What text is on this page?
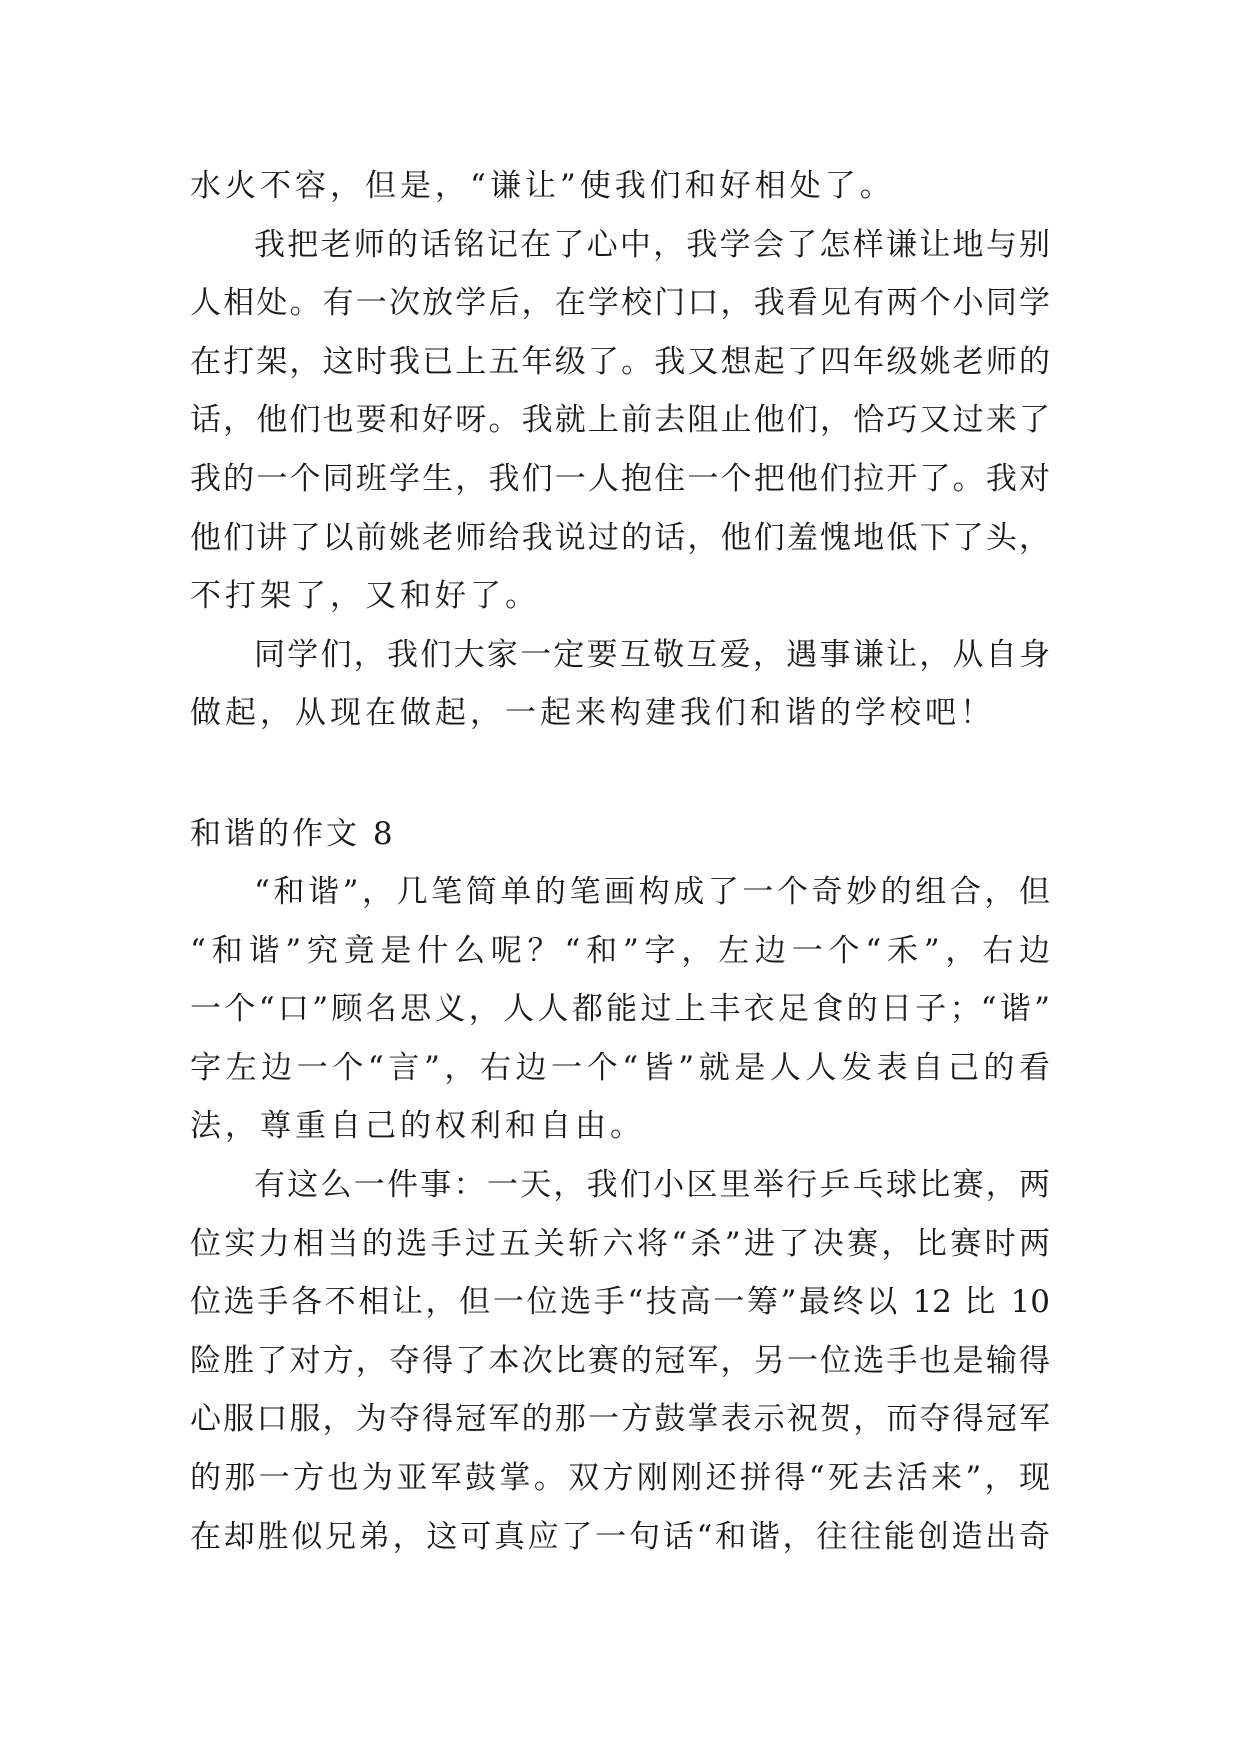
水火不容，但是，“谦让”使我们和好相处了。
我把老师的话铭记在了心中，我学会了怎样谦让地与别
人相处。有一次放学后，在学校门口，我看见有两个小同学
在打架，这时我已上五年级了。我又想起了四年级姚老师的
话，他们也要和好呀。我就上前去阻止他们，恰巧又过来了
我的一个同班学生，我们一人抱住一个把他们拉开了。我对
他们讲了以前姚老师给我说过的话，他们羞愧地低下了头，
不打架了，又和好了。
同学们，我们大家一定要互敬互爱，遇事谦让，从自身
做起，从现在做起，一起来构建我们和谐的学校吧！
和谐的作文 8
“和谐”，几笔简单的笔画构成了一个奇妙的组合，但
“和谐”究竟是什么呢？“和”字，左边一个“禾”，右边
一个“口”顾名思义，人人都能过上丰衣足食的日子；“谐”
字左边一个“言”，右边一个“皆”就是人人发表自己的看
法，尊重自己的权利和自由。
有这么一件事：一天，我们小区里举行乒乓球比赛，两
位实力相当的选手过五关斩六将“杀”进了决赛，比赛时两
位选手各不相让，但一位选手“技高一筹”最终以 12 比 10
险胜了对方，夺得了本次比赛的冠军，另一位选手也是输得
心服口服，为夺得冠军的那一方鼓掌表示祝贺，而夺得冠军
的那一方也为亚军鼓掌。双方刚刚还拼得“死去活来”，现
在却胜似兄弟，这可真应了一句话“和谐，往往能创造出奇
